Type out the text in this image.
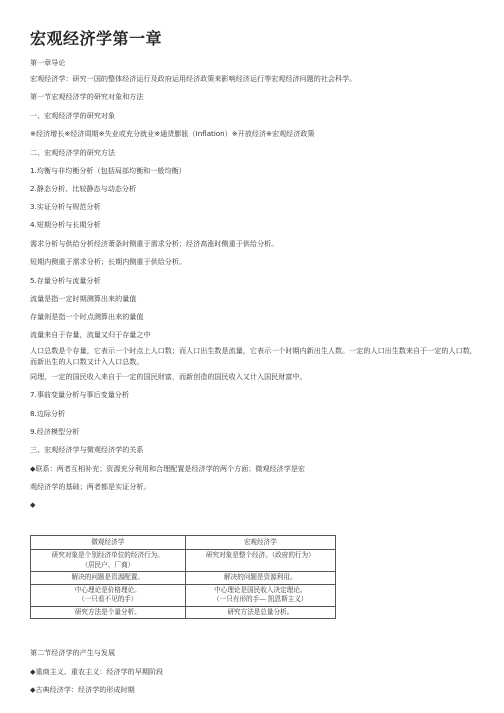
宏观经济学第一章
第一章导论
宏观经济学：研究一国的整体经济运行及政府运用经济政策来影响经济运行等宏观经济问题的社会科学。
第一节宏观经济学的研究对象和方法
一、宏观经济学的研究对象
※经济增长※经济周期※失业或充分就业※通货膨胀（Inflation）※开放经济※宏观经济政策
二、宏观经济学的研究方法
1.均衡与非均衡分析（包括局部均衡和一般均衡）
2.静态分析、比较静态与动态分析
3.实证分析与规范分析
4.短期分析与长期分析
需求分析与供给分析经济萧条时侧重于需求分析；经济高涨时侧重于供给分析。
短期内侧重于需求分析；长期内侧重于供给分析。
5.存量分析与流量分析
流量是指一定时期测算出来的量值
存量则是指一个时点测算出来的量值
流量来自于存量，流量又归于存量之中
人口总数是个存量，它表示一个时点上人口数；而人口出生数是流量，它表示一个时期内新出生人数。一定的人口出生数来自于一定的人口数，而新出生的人口数又计入人口总数。
同理，一定的国民收入来自于一定的国民财富，而新创造的国民收入又计入国民财富中。
7.事前变量分析与事后变量分析
8.边际分析
9.经济模型分析
三、宏观经济学与微观经济学的关系
◆联系：两者互相补充；资源充分利用和合理配置是经济学的两个方面；微观经济学是宏
观经济学的基础；两者都是实证分析。
◆
微观经济学	宏观经济学

研究对象是个别经济单位的经济行为。
（居民户、厂商）	研究对象是整个经济。（政府的行为）

解决的问题是资源配置。	解决的问题是资源利用。

中心理论是价格理论。
（一只看不见的手）	中心理论是国民收入决定理论。
（一只有形的手— 凯恩斯主义）

研究方法是个量分析。	研究方法是总量分析。
第二节经济学的产生与发展
◆重商主义、重农主义：经济学的早期阶段
◆古典经济学：经济学的形成时期
